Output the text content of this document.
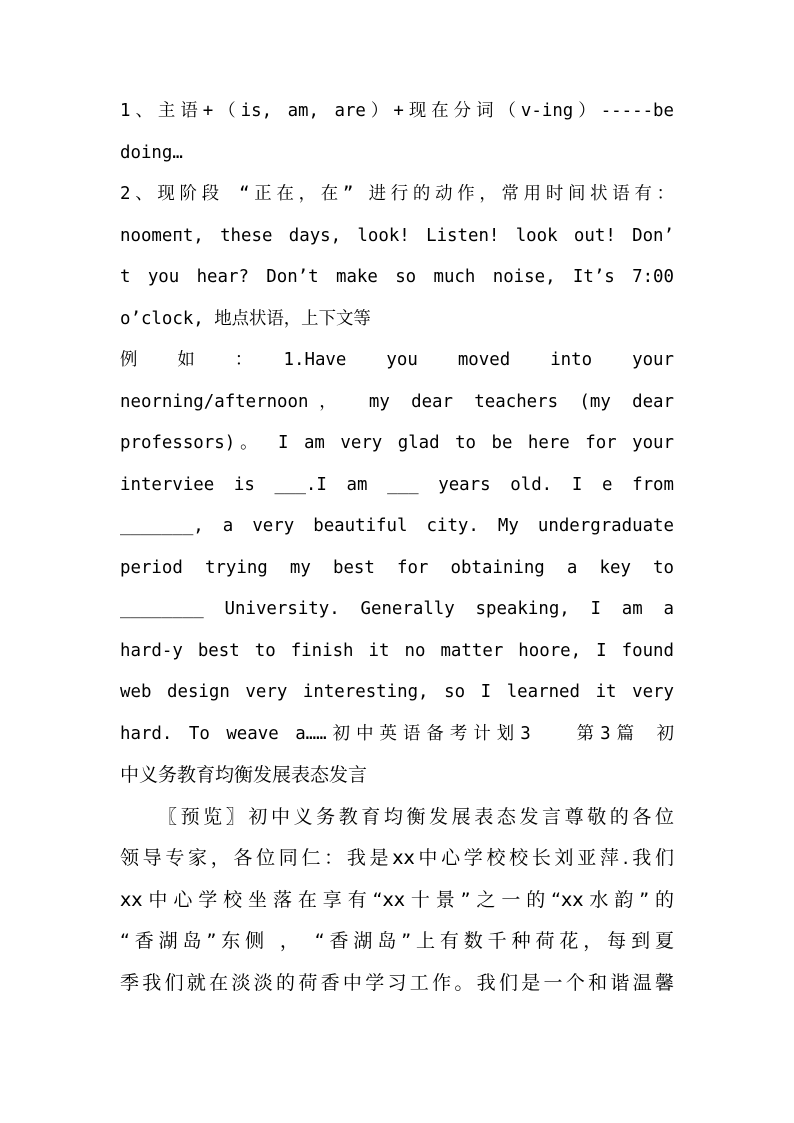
1、主语+（is, am, are）+现在分词（v-ing）-----be
doing…
2、现阶段 “正在，在” 进行的动作，常用时间状语有：
noomeпt, these days, look! Listen! look out! Don’
t you hear? Don’t make so much noise, It’s 7:00
o’clock, 地点状语，上下文等
例　如　：　1.Have　you　moved　into　your
neorning/afternoon， my dear teachers (my dear
professors)。 I am very glad to be here for your
interviee is ___.I am ___ years old. I e from
_______, a very beautiful city. My undergraduate
period trying my best for obtaining a key to
________ University. Generally speaking, I am a
hard-y best to finish it no matter hoore, I found
web design very interesting, so I learned it very
hard. To weave a……初中英语备考计划3　 第3篇 初
中义务教育均衡发展表态发言
〖预览〗初中义务教育均衡发展表态发言尊敬的各位
领导专家，各位同仁：我是xx中心学校校长刘亚萍.我们
xx中心学校坐落在享有“xx十景”之一的“xx水韵”的
“香湖岛”东侧 ， “香湖岛”上有数千种荷花，每到夏
季我们就在淡淡的荷香中学习工作。我们是一个和谐温馨
